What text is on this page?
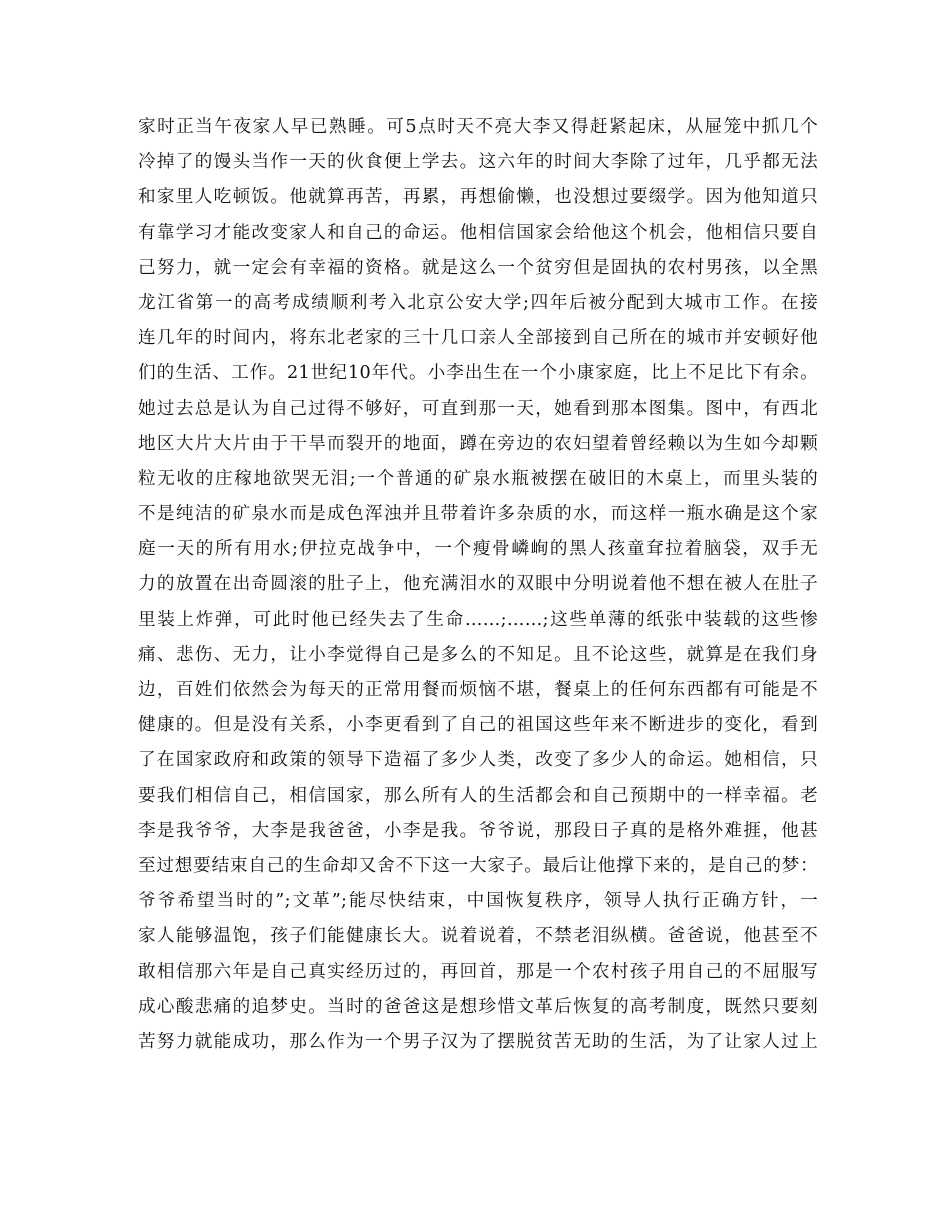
家时正当午夜家人早已熟睡。可5点时天不亮大李又得赶紧起床，从屉笼中抓几个
冷掉了的馒头当作一天的伙食便上学去。这六年的时间大李除了过年，几乎都无法
和家里人吃顿饭。他就算再苦，再累，再想偷懒，也没想过要缀学。因为他知道只
有靠学习才能改变家人和自己的命运。他相信国家会给他这个机会，他相信只要自
己努力，就一定会有幸福的资格。就是这么一个贫穷但是固执的农村男孩，以全黑
龙江省第一的高考成绩顺利考入北京公安大学;四年后被分配到大城市工作。在接
连几年的时间内，将东北老家的三十几口亲人全部接到自己所在的城市并安顿好他
们的生活、工作。21世纪10年代。小李出生在一个小康家庭，比上不足比下有余。
她过去总是认为自己过得不够好，可直到那一天，她看到那本图集。图中，有西北
地区大片大片由于干旱而裂开的地面，蹲在旁边的农妇望着曾经赖以为生如今却颗
粒无收的庄稼地欲哭无泪;一个普通的矿泉水瓶被摆在破旧的木桌上，而里头装的
不是纯洁的矿泉水而是成色浑浊并且带着许多杂质的水，而这样一瓶水确是这个家
庭一天的所有用水;伊拉克战争中，一个瘦骨嶙峋的黑人孩童耷拉着脑袋，双手无
力的放置在出奇圆滚的肚子上，他充满泪水的双眼中分明说着他不想在被人在肚子
里装上炸弹，可此时他已经失去了生命……;……;这些单薄的纸张中装载的这些惨
痛、悲伤、无力，让小李觉得自己是多么的不知足。且不论这些，就算是在我们身
边，百姓们依然会为每天的正常用餐而烦恼不堪，餐桌上的任何东西都有可能是不
健康的。但是没有关系，小李更看到了自己的祖国这些年来不断进步的变化，看到
了在国家政府和政策的领导下造福了多少人类，改变了多少人的命运。她相信，只
要我们相信自己，相信国家，那么所有人的生活都会和自己预期中的一样幸福。老
李是我爷爷，大李是我爸爸，小李是我。爷爷说，那段日子真的是格外难捱，他甚
至过想要结束自己的生命却又舍不下这一大家子。最后让他撑下来的，是自己的梦：
爷爷希望当时的”;文革”;能尽快结束，中国恢复秩序，领导人执行正确方针，一
家人能够温饱，孩子们能健康长大。说着说着，不禁老泪纵横。爸爸说，他甚至不
敢相信那六年是自己真实经历过的，再回首，那是一个农村孩子用自己的不屈服写
成心酸悲痛的追梦史。当时的爸爸这是想珍惜文革后恢复的高考制度，既然只要刻
苦努力就能成功，那么作为一个男子汉为了摆脱贫苦无助的生活，为了让家人过上
